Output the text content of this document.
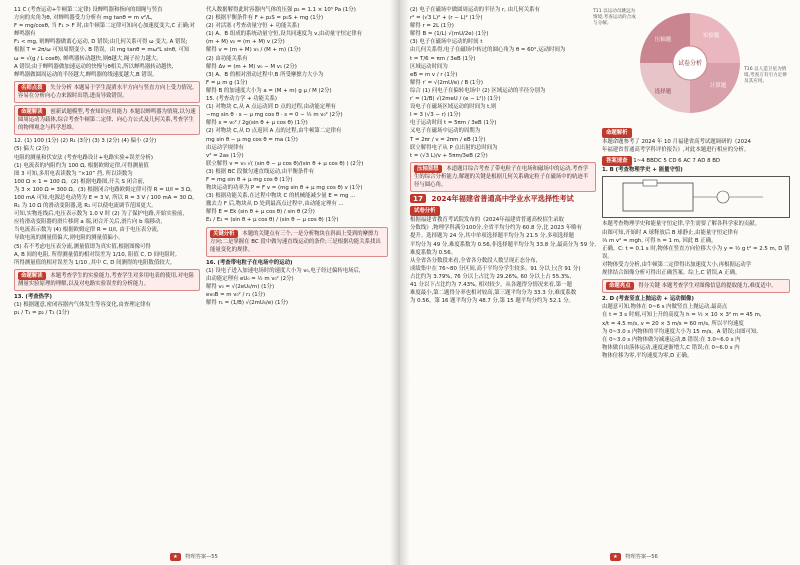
11 C (考查运动+牛顿第二定律) 设蝉鸣器和指向的细绳与竖直

方向的夹角为θ, 对蝉鸣器受力分析有 mg tanθ = m v²/L,

F = mg/cosθ, 当 F₁ > F 时,由牛顿第二定律可知向心加速度变大,C 正确;对蝉鸣器有

F₁ < mg, 则蝉鸣器做离心运动, D 错误;由几何关系可得 ω 变大, A 错误;

根据 T = 2π/ω 可知周期变小, B 错误。由 mg tanθ = mω²L sinθ, 可知

ω = √(g / L cosθ), 蝉鸣器转动越快,则θ越大,绳子拉力越大。

A 错误;由于蝉鸣器做加速运动的快慢与θ相关,所以蝉鸣器转动越快,

蝉鸣器做圆周运动的半径越大,蝉鸣器的线速度越大,B 错误。

名师点拨 失分分析 本题易于学生混淆水平方向与竖直方向上受力情况,容易在分析向心力来源时出错,进而导致错误。
命题解读 创新试题模型,考查知识应用能力 本题以蝉鸣器为情境,以匀速圆周运动为载体,综合考查牛顿第二定律、向心力公式及几何关系,考查学生的物理观念与科学思维。

12. (1) 100 (1分) (2) R₁ (3分) (3) 3 (2分) (4) 偏小 (2分)

(5) 偏大 (2分)

电阻的测量和伏安法 (考查电路设计+电路实验+误差分析)

(1) 电流表的内阻约为 100 Ω, 根据欧姆定律,可得测量值

图 3 可知,多用电表读数为 “×10” 挡, 所以读数为

100 Ω × 1 = 100 Ω。(2) 根据电路图,开关 S 闭合前,

为 3 × 100 Ω = 300 Ω。(3) 根据闭合电路欧姆定律可得 R = U/I = 3 Ω。

100 mA 可知,电源总电动势为 E = 3 V, 所以 R = 3 V / 100 mA = 30 Ω。

R₁ 为 10 Ω 的滑动变阻器,选 R₁ 可以使电流调节范围更大。

可知,实物连线后,电压表示数为 1.0 V 时 (2) 为了保护电路,开始实验前,

应将滑动变阻器的滑片移到 a 端,闭合开关后,滑片向 b 端移动,

当电流表示数为 (4) 根据欧姆定律 R = U/I, 由于电压表分流,

导致电流的测量值偏大,则电阻的测量值偏小。

(5) 若不考虑电压表分流,测量值即为真实值,根据图像可得

A, B 间的电阻, 所得测量值的相对误差为 1/10, 阻值 C, D 间电阻时,

所得测量值的相对误差为 1/10 ,其中 C, D 间测得的电阻数值较大。

命题解读 本题考查学生的实验能力,考查学生对多用电表的使用,对电阻测量实验原理的理解,以及对电路实验误差的分析能力。

13. (考查热学)

(1) 根据题意,密闭容器内气体发生等容变化,由查理定律有

p₁ / T₁ = p₂ / T₂ (1分)

代入数据解得此时容器内气体的压强 p₂ = 1.1 × 10⁵ Pa (1分)

(2) 根据平衡条件有 F + p₂S = p₀S + mg (1分)

(2) 对活塞 (考查动量守恒 + 功能关系)

(1) A、B 组成的系统动量守恒,设共同速度为 v,由动量守恒定律有

(m + M) v₀ = (m + M) v (2分)

解得 v = (m + M) v₀ / (M + m) (1分)

(2) 由功能关系有

解得 Δv = (m + M) v₀ − M v₁ (2分)

(3) A、B 的相对滑动过程中,B 所受摩擦力大小为

F = μ m g (1分)

解得 B 的加速度大小为 a = (M + m) g μ / M (2分)

15. (考查动力学 + 功能关系)

(1) 对物块 C,从 A 点运动到 D 点的过程,由动能定理有

−mg sin θ · s − μ mg cos θ · s = 0 − ½ m v₀² (2分)

解得 s = v₀² / 2g(sin θ + μ cos θ) (1分)

(2) 对物块 C,从 D 点返回 A 点的过程,由牛顿第二定律有

mg sin θ − μ mg cos θ = ma (1分)

由运动学规律有

v² = 2as (1分)

联立解得 v = v₀ √( (sin θ − μ cos θ)/(sin θ + μ cos θ) ) (2分)

(3) 根据 BC 段做匀速直线运动,由平衡条件有

F = mg sin θ + μ mg cos θ (1分)

物块运动的功率为 P = F v = (mg sin θ + μ mg cos θ) v (1分)

(3) 根据功能关系,在过程中物块 C 的机械能减少量 E = mg ...

撤去力 F 后,物块从 D 处到最高点过程中,由动能定理有 ...

解得 E = Ek (sin θ + μ cos θ) / sin θ (2分)

E₁ / E₂ = (sin θ + μ cos θ) / (sin θ − μ cos θ) (1分)

关键分析 本题的关键点有三个,一是分析物块在斜面上受到的摩擦力方向;二是掌握在 BC 段中做匀速直线运动的条件;三是根据功能关系找出能量变化的规律。

16. (考查带电粒子在电场中的运动)

(1) 设电子进入加速电场时的速度大小为 v₀,电子经过偏转电场后,

由动能定理有 eU₀ = ½ m v₀² (2分)

解得 v₀ = √(2eU₀/m) (1分)

ev₀B = m v₀² / r₁ (1分)

解得 r₁ = (1/B) √(2mU₀/e) (1分)

★ 物理答案—55

(2) 电子在磁场中做圆周运动的半径为 r, 由几何关系有

r² = (√3 L)² + (r − L)² (1分)

解得 r = 2L (1分)

解得 B = (1/L) √(mU/2e) (1分)

(3) 电子在磁场中运动的时间 t

由几何关系得,电子在磁场中转过的圆心角为 θ = 60°,运动时间为

t = T/6 = πm / 3eB (1分)

区域运动时间为

eB = m v / r (1分)

解得 r′ = √(2mU/e) / B (1分)

综合 (1) 问电子在偏转电场中 (2) 区域运动的半径分别为

r′ = (1/B) √(2meU / (e − L²)) (1分)

设电子在磁场区域运动的时间为 t,则

I = 3 (√3 − r) (1分)

电子运动时间 t = 5πm / 3eB (1分)

又电子在磁场中运动的周期为

T = 2πr / v = 2πm / eB (1分)

联立解得电子从 P 点出射的总时间为

t = (√3 L)/v + 5πm/3eB (2分)

压轴猜想 本道题目综合考查了带电粒子在电场和磁场中的运动,考查学生的综合分析能力,解题的关键是根据几何关系确定粒子在磁场中的轨迹半径与圆心角。
17 2024年福建省普通高中学业水平选择性考试

试卷分析

根据福建省教育考试院发布的《2024年福建省普通高校招生录取

分数线》,物理学科满分100分,全省平均分约为 60.8 分,比 2023 年略有

提升。选择题为 24 分,其中单项选择题平均分为 21.5 分,多项选择题

平均分为 49 分,难度系数为 0.56,非选择题平均分为 33.8 分,最高分为 59 分,

难度系数为 0.56。

从全省各分数段来看,全省各分数段人数呈现正态分布,

成绩集中在 76~80 分区间,高于平均分学生较多。91 分以上(含 91 分)

占比约为 3.79%, 76 分以上占比为 29.26%, 60 分以上占 55.3%,

41 分以下占比约为 7.43%, 相对较少。从各题得分情况来看,第一题

难度最小,第二题得分率也相对较高,第三题平均分为 33.3 分,难度系数

为 0.56。第 16 题平均分为 48.7 分,第 15 题平均分约为 52.1 分。

命题解析

本题命题参考了 2024 年 10 月福建省高考试题调研的《2024

年福建省普通高考学科评价报告》,对此本题进行相应的分析。

答案速查 1~4 BBDC 5 CD 6 AC 7 AD 8 BD

1. B (考查物理学史 + 能量守恒)

本题考查物理学史和能量守恒定律,学生需要了解各科学家的贡献。

由图可知,开始时 A 球释放后 B 球静止,由能量守恒定律有

⅓ m v² = mgh, 可得 h = 1 m, 因此 B 正确。

正确。C: t = 0.1 s 时,物体在竖直方向位移大小为 y = ½ g t² = 2.5 m, D 错误。

对物体受力分析,由牛顿第二定律得出加速度大小,再根据运动学

规律结合图像分析可得出正确答案。综上,C 错误,A 正确。

命题亮点 得分关键 本题考查学生对图像信息的提取能力,难度适中。

2. D (考查竖直上抛运动 + 运动图像)

由题意可知,物体在 0~6 s 内做竖直上抛运动,最高点

在 t = 3 s 时刻,可知上升的高度为 h = ½ × 10 × 3² m = 45 m,

x/t = 4.5 m/s, v = 20 × 3 m/s = 60 m/s, 所以平均速度

为 0~3.0 s 内物体的平均速度大小为 15 m/s。A 错误;由图可知,

在 0~3.0 s 内物体做匀减速运动,B 错误;在 3.0~6.0 s 内

物体做自由落体运动,速度逐渐增大,C 错误;在 0~6.0 s 内

物体位移为零,平均速度为零,D 正确。

试卷分析
实验题
计算题
选择题
压轴题
T11 以运动员跳远为情境,考查运动的合成与分解。
T16 以人造卫星为情境,考查万有引力定律及其应用。
★ 物理答案—56
